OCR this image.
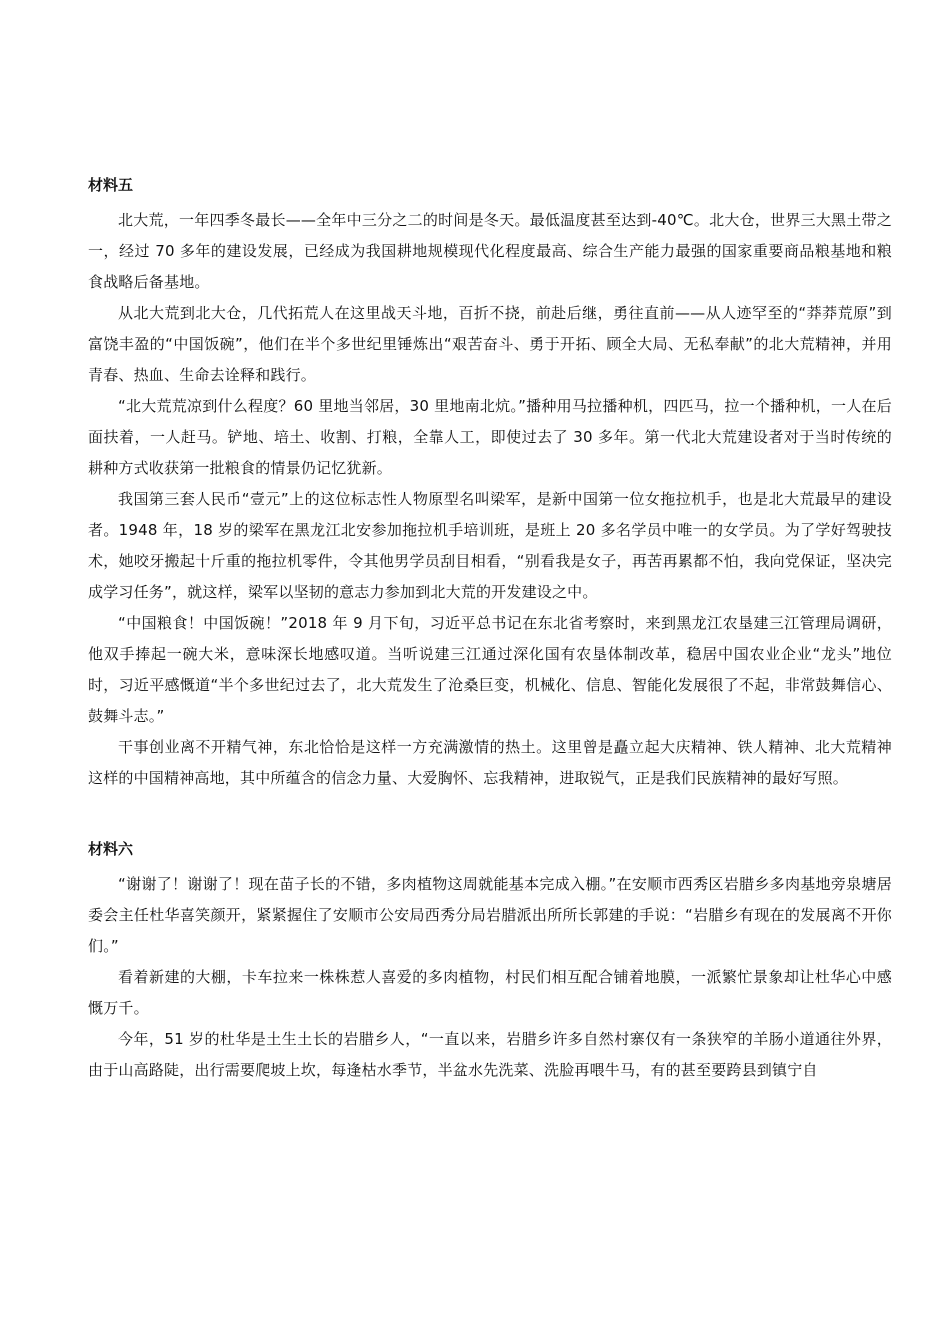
材料五

北大荒，一年四季冬最长——全年中三分之二的时间是冬天。最低温度甚至达到-40℃。北大仓，世界三大黑土带之一，经过 70 多年的建设发展，已经成为我国耕地规模现代化程度最高、综合生产能力最强的国家重要商品粮基地和粮食战略后备基地。

从北大荒到北大仓，几代拓荒人在这里战天斗地，百折不挠，前赴后继，勇往直前——从人迹罕至的“莽莽荒原”到富饶丰盈的“中国饭碗”，他们在半个多世纪里锤炼出“艰苦奋斗、勇于开拓、顾全大局、无私奉献”的北大荒精神，并用青春、热血、生命去诠释和践行。

“北大荒荒凉到什么程度？60 里地当邻居，30 里地南北炕。”播种用马拉播种机，四匹马，拉一个播种机，一人在后面扶着，一人赶马。铲地、培土、收割、打粮，全靠人工，即使过去了 30 多年。第一代北大荒建设者对于当时传统的耕种方式收获第一批粮食的情景仍记忆犹新。

我国第三套人民币“壹元”上的这位标志性人物原型名叫梁军，是新中国第一位女拖拉机手，也是北大荒最早的建设者。1948 年，18 岁的梁军在黑龙江北安参加拖拉机手培训班，是班上 20 多名学员中唯一的女学员。为了学好驾驶技术，她咬牙搬起十斤重的拖拉机零件，令其他男学员刮目相看，“别看我是女子，再苦再累都不怕，我向党保证，坚决完成学习任务”，就这样，梁军以坚韧的意志力参加到北大荒的开发建设之中。

“中国粮食！中国饭碗！”2018 年 9 月下旬，习近平总书记在东北省考察时，来到黑龙江农垦建三江管理局调研，他双手捧起一碗大米，意味深长地感叹道。当听说建三江通过深化国有农垦体制改革，稳居中国农业企业“龙头”地位时，习近平感慨道“半个多世纪过去了，北大荒发生了沧桑巨变，机械化、信息、智能化发展很了不起，非常鼓舞信心、鼓舞斗志。”

干事创业离不开精气神，东北恰恰是这样一方充满激情的热土。这里曾是矗立起大庆精神、铁人精神、北大荒精神这样的中国精神高地，其中所蕴含的信念力量、大爱胸怀、忘我精神，进取锐气，正是我们民族精神的最好写照。

材料六

“谢谢了！谢谢了！现在苗子长的不错，多肉植物这周就能基本完成入棚。”在安顺市西秀区岩腊乡多肉基地旁泉塘居委会主任杜华喜笑颜开，紧紧握住了安顺市公安局西秀分局岩腊派出所所长郭建的手说：“岩腊乡有现在的发展离不开你们。”

看着新建的大棚，卡车拉来一株株惹人喜爱的多肉植物，村民们相互配合铺着地膜，一派繁忙景象却让杜华心中感慨万千。

今年，51 岁的杜华是土生土长的岩腊乡人，“一直以来，岩腊乡许多自然村寨仅有一条狭窄的羊肠小道通往外界，由于山高路陡，出行需要爬坡上坎，每逢枯水季节，半盆水先洗菜、洗脸再喂牛马，有的甚至要跨县到镇宁自
